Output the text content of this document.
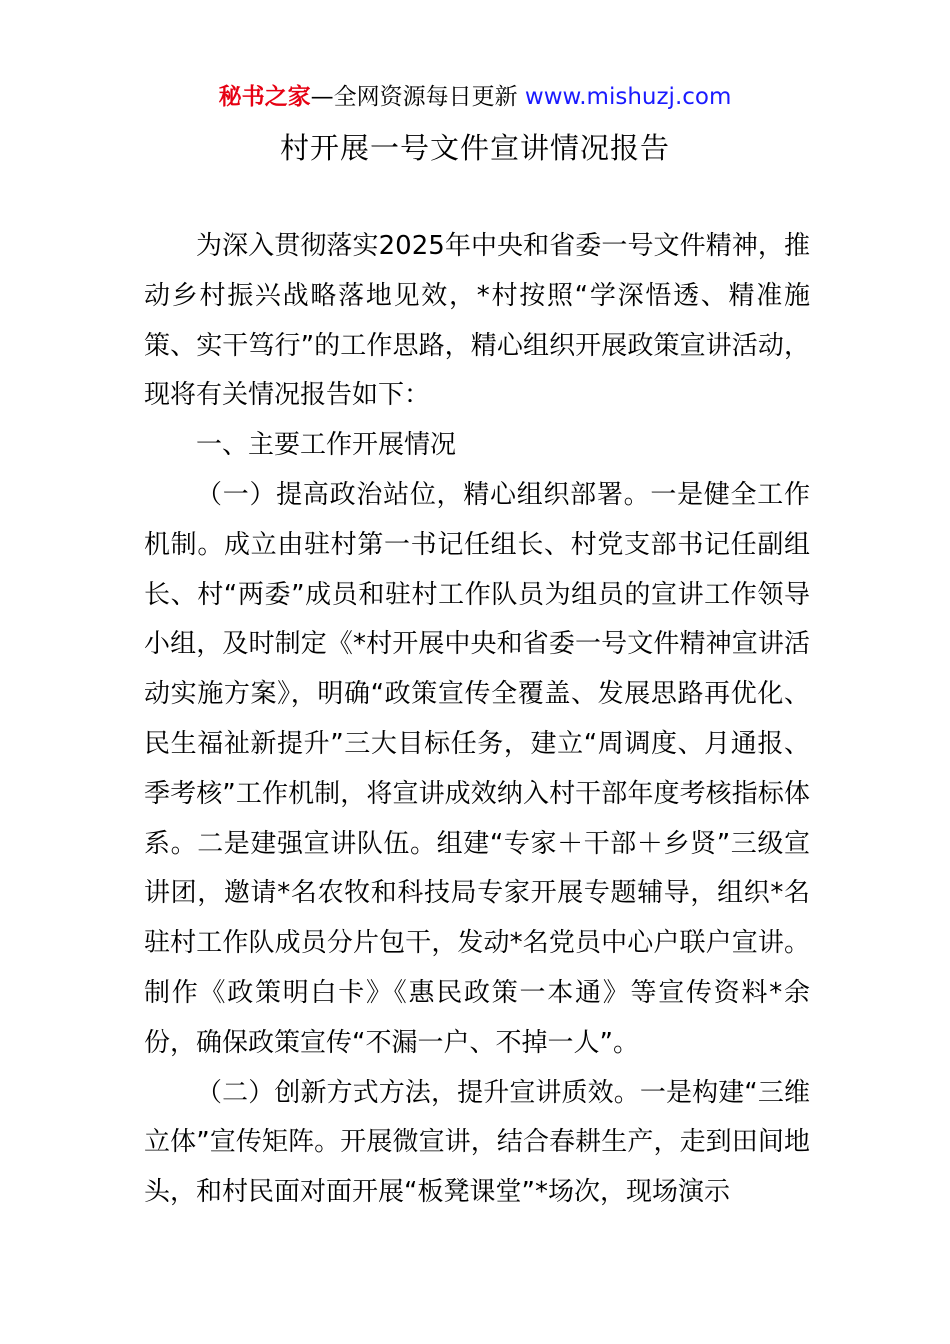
秘书之家—全网资源每日更新 www.mishuzj.com
村开展一号文件宣讲情况报告

为深入贯彻落实2025年中央和省委一号文件精神，推动乡村振兴战略落地见效，*村按照“学深悟透、精准施策、实干笃行”的工作思路，精心组织开展政策宣讲活动，现将有关情况报告如下：

一、主要工作开展情况

（一）提高政治站位，精心组织部署。一是健全工作机制。成立由驻村第一书记任组长、村党支部书记任副组长、村“两委”成员和驻村工作队员为组员的宣讲工作领导小组，及时制定《*村开展中央和省委一号文件精神宣讲活动实施方案》，明确“政策宣传全覆盖、发展思路再优化、民生福祉新提升”三大目标任务，建立“周调度、月通报、季考核”工作机制，将宣讲成效纳入村干部年度考核指标体系。二是建强宣讲队伍。组建“专家＋干部＋乡贤”三级宣讲团，邀请*名农牧和科技局专家开展专题辅导，组织*名驻村工作队成员分片包干，发动*名党员中心户联户宣讲。制作《政策明白卡》《惠民政策一本通》等宣传资料*余份，确保政策宣传“不漏一户、不掉一人”。

（二）创新方式方法，提升宣讲质效。一是构建“三维立体”宣传矩阵。开展微宣讲，结合春耕生产，走到田间地头，和村民面对面开展“板凳课堂”*场次，现场演示
